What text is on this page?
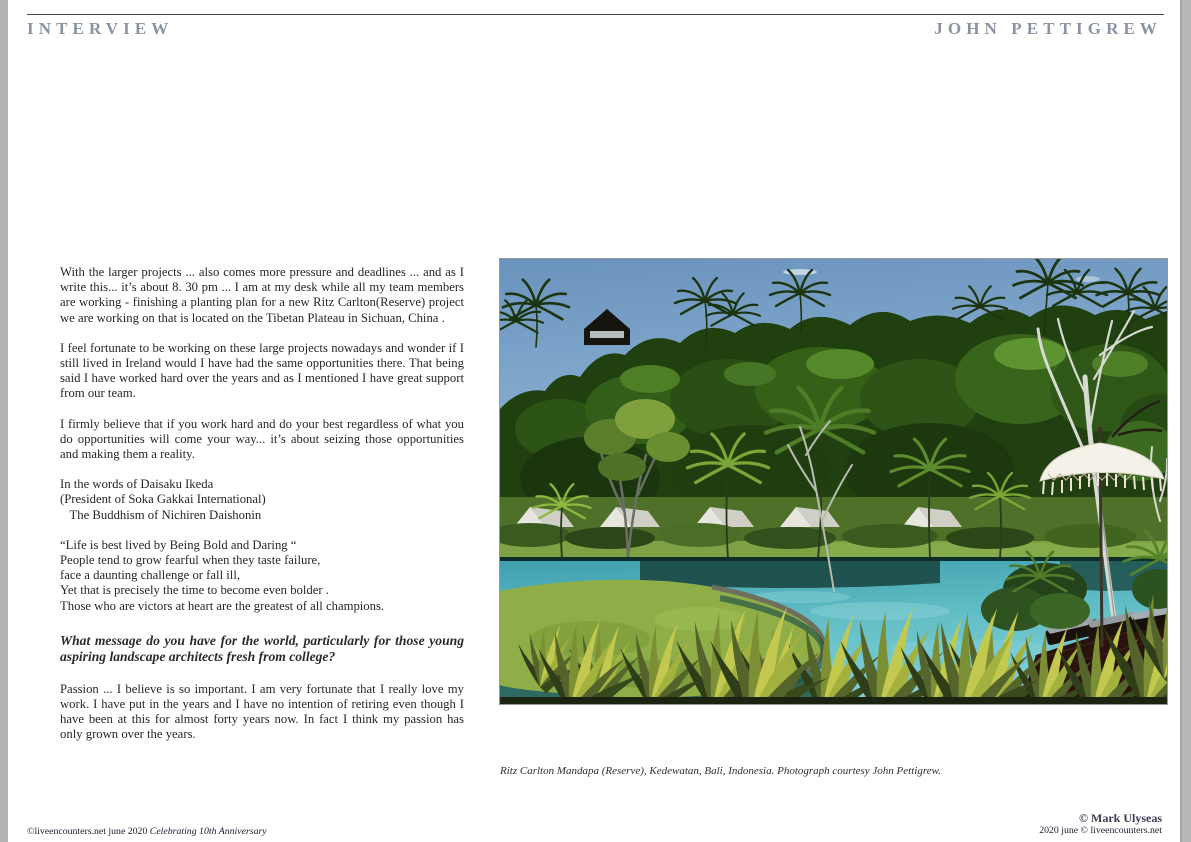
INTERVIEW	JOHN PETTIGREW

With the larger projects ... also comes more pressure and deadlines ... and as I write this... it’s about 8. 30 pm ... I am at my desk while all my team members are working - finishing a planting plan for a new Ritz Carlton(Reserve) project we are working on that is located on the Tibetan Plateau in Sichuan, China .

I feel fortunate to be working on these large projects nowadays and wonder if I still lived in Ireland would I have had the same opportunities there. That being said I have worked hard over the years and as I mentioned I have great support from our team.

I firmly believe that if you work hard and do your best regardless of what you do opportunities will come your way... it’s about seizing those opportunities and making them a reality.

In the words of Daisaku Ikeda
(President of Soka Gakkai International)
The Buddhism of Nichiren Daishonin
“Life is best lived by Being Bold and Daring “
People tend to grow fearful when they taste failure,
face a daunting challenge or fall ill,
Yet that is precisely the time to become even bolder .
Those who are victors at heart are the greatest of all champions.

What message do you have for the world, particularly for those young aspiring landscape architects fresh from college?

Passion ... I believe is so important. I am very fortunate that I really love my work. I have put in the years and I have no intention of retiring even though I have been at this for almost forty years now. In fact I think my passion has only grown over the years.

Ritz Carlton Mandapa (Reserve), Kedewatan, Bali, Indonesia. Photograph courtesy John Pettigrew.
©liveencounters.net june 2020 Celebrating 10th Anniversary
© Mark Ulyseas
2020 june © liveencounters.net
